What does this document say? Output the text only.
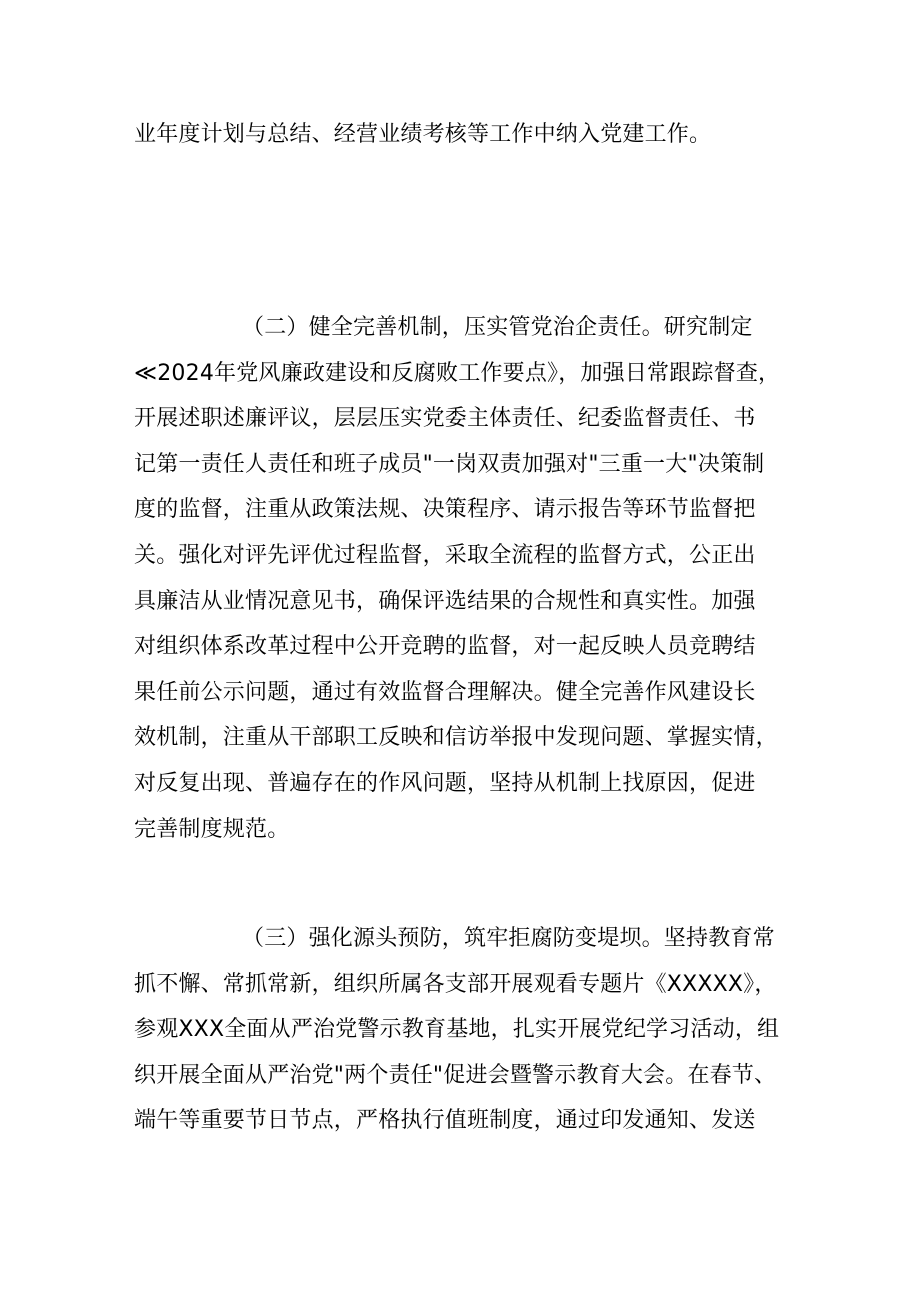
业年度计划与总结、经营业绩考核等工作中纳入党建工作。
（二）健全完善机制，压实管党治企责任。研究制定
≪2024年党风廉政建设和反腐败工作要点》，加强日常跟踪督查，
开展述职述廉评议，层层压实党委主体责任、纪委监督责任、书
记第一责任人责任和班子成员"一岗双责加强对"三重一大"决策制
度的监督，注重从政策法规、决策程序、请示报告等环节监督把
关。强化对评先评优过程监督，采取全流程的监督方式，公正出
具廉洁从业情况意见书，确保评选结果的合规性和真实性。加强
对组织体系改革过程中公开竞聘的监督，对一起反映人员竞聘结
果任前公示问题，通过有效监督合理解决。健全完善作风建设长
效机制，注重从干部职工反映和信访举报中发现问题、掌握实情，
对反复出现、普遍存在的作风问题，坚持从机制上找原因，促进
完善制度规范。
（三）强化源头预防，筑牢拒腐防变堤坝。坚持教育常
抓不懈、常抓常新，组织所属各支部开展观看专题片《XXXXX》，
参观XXX全面从严治党警示教育基地，扎实开展党纪学习活动，组
织开展全面从严治党"两个责任"促进会暨警示教育大会。在春节、
端午等重要节日节点，严格执行值班制度，通过印发通知、发送
